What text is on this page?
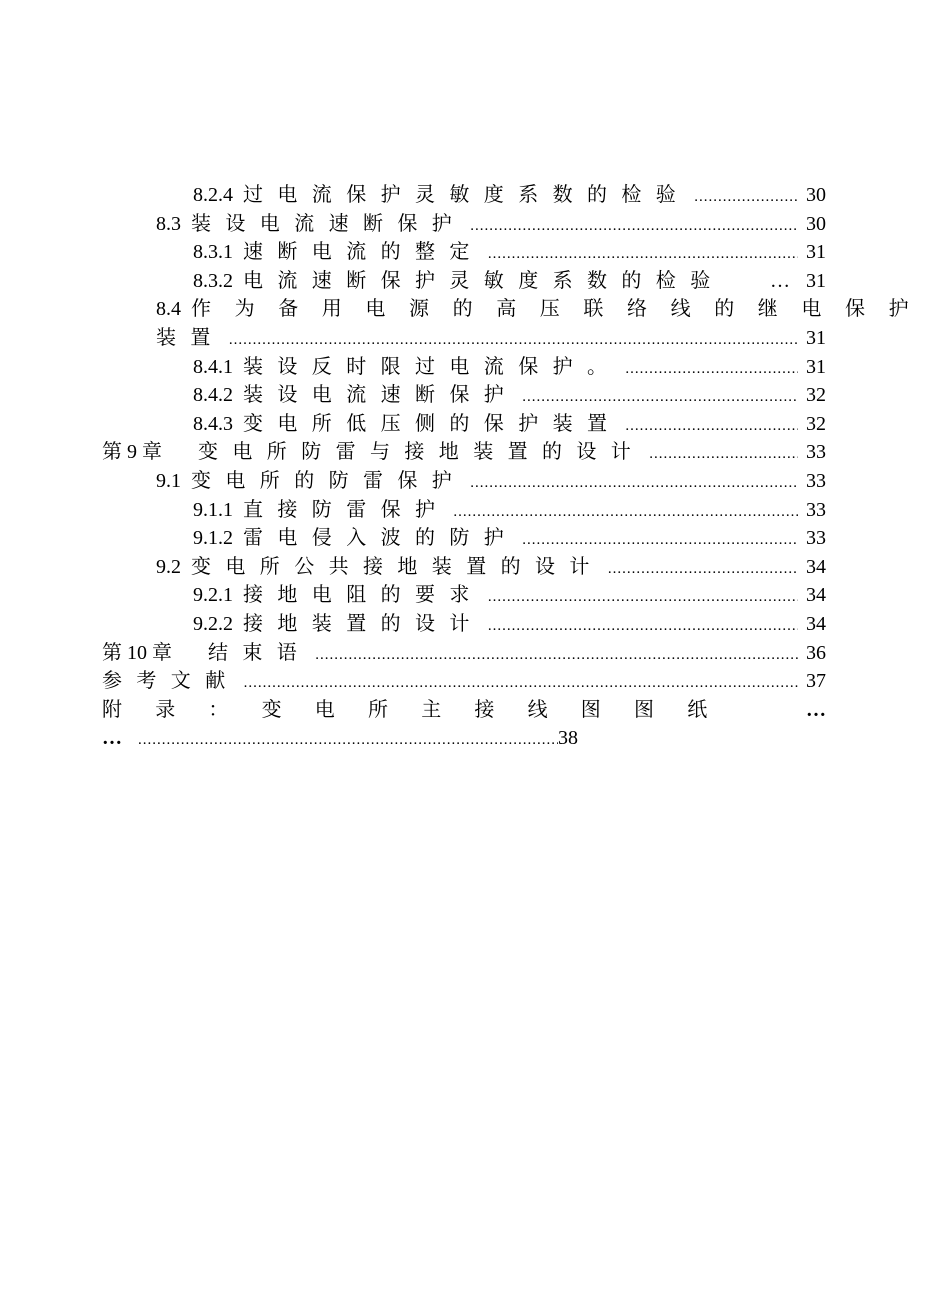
8.2.4 过电流保护灵敏度系数的检验 .....	30
8.3 装设电流速断保护 .....	30
8.3.1 速断电流的整定 .....	31
8.3.2 电流速断保护灵敏度系数的检验 … 31
8.4 作为备用电源的高压联络线的继电保护
装置 .....	31
8.4.1 装设反时限过电流保护。 .....	31
8.4.2 装设电流速断保护 .....	32
8.4.3 变电所低压侧的保护装置 .....	32
第 9 章 变电所防雷与接地装置的设计 .....	33
9.1 变电所的防雷保护 .....	33
9.1.1 直接防雷保护 .....	33
9.1.2 雷电侵入波的防护 .....	33
9.2 变电所公共接地装置的设计 .....	34
9.2.1 接地电阻的要求 .....	34
9.2.2 接地装置的设计 .....	34
第 10 章 结束语 .....	36
参考文献 .....	37
附录：变电所主接线图图纸	…
… .....	38
